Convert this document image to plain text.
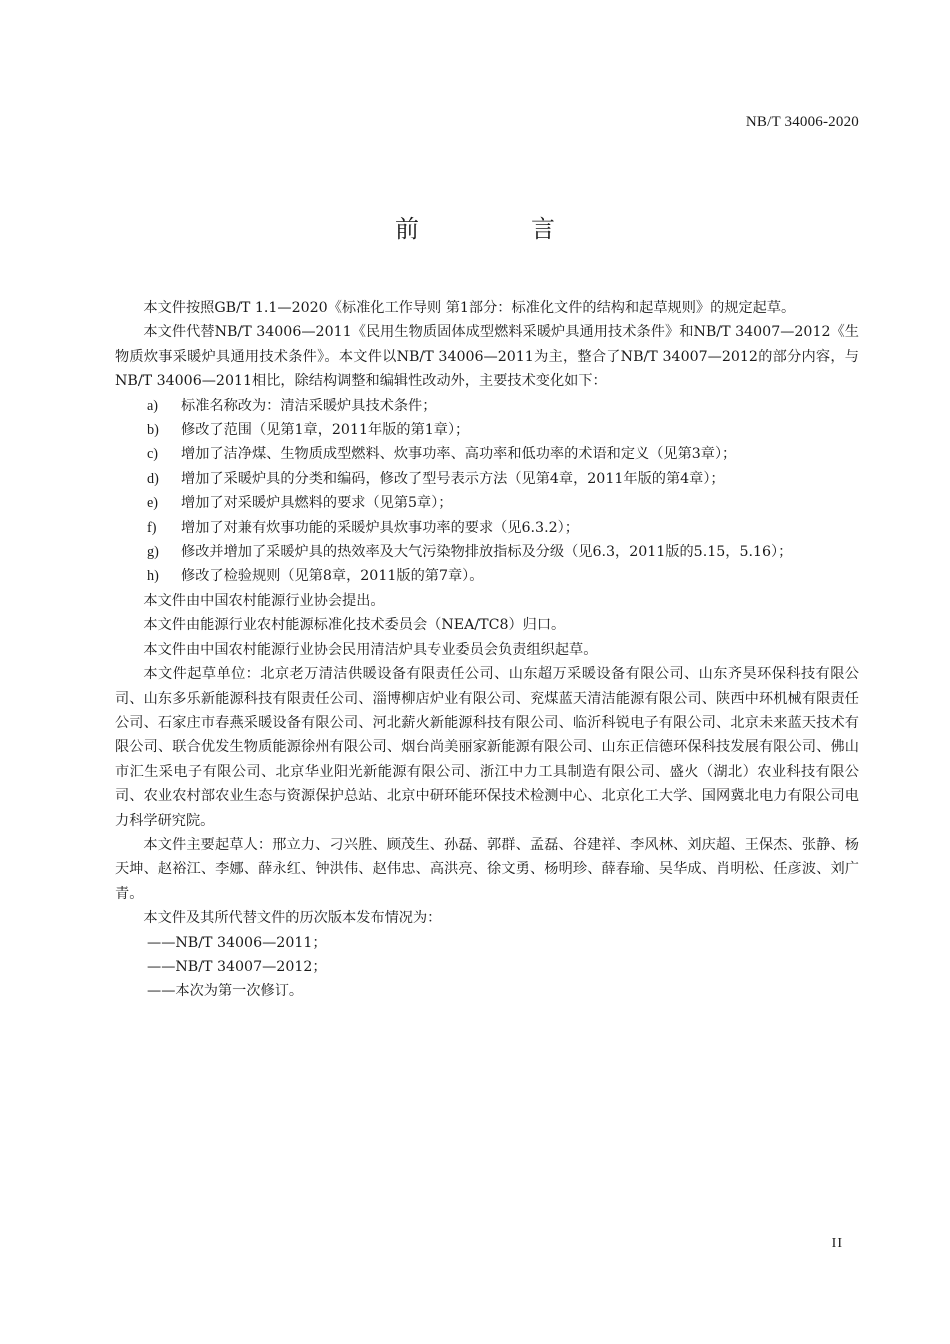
NB/T 34006-2020
前　言

本文件按照GB/T 1.1—2020《标准化工作导则 第1部分：标准化文件的结构和起草规则》的规定起草。

本文件代替NB/T 34006—2011《民用生物质固体成型燃料采暖炉具通用技术条件》和NB/T 34007—2012《生物质炊事采暖炉具通用技术条件》。本文件以NB/T 34006—2011为主，整合了NB/T 34007—2012的部分内容，与NB/T 34006—2011相比，除结构调整和编辑性改动外，主要技术变化如下：

a) 标准名称改为：清洁采暖炉具技术条件；

b) 修改了范围（见第1章，2011年版的第1章）；

c) 增加了洁净煤、生物质成型燃料、炊事功率、高功率和低功率的术语和定义（见第3章）；

d) 增加了采暖炉具的分类和编码，修改了型号表示方法（见第4章，2011年版的第4章）；

e) 增加了对采暖炉具燃料的要求（见第5章）；

f) 增加了对兼有炊事功能的采暖炉具炊事功率的要求（见6.3.2）；

g) 修改并增加了采暖炉具的热效率及大气污染物排放指标及分级（见6.3，2011版的5.15，5.16）；

h) 修改了检验规则（见第8章，2011版的第7章）。

本文件由中国农村能源行业协会提出。

本文件由能源行业农村能源标准化技术委员会（NEA/TC8）归口。

本文件由中国农村能源行业协会民用清洁炉具专业委员会负责组织起草。

本文件起草单位：北京老万清洁供暖设备有限责任公司、山东超万采暖设备有限公司、山东齐昊环保科技有限公司、山东多乐新能源科技有限责任公司、淄博柳店炉业有限公司、兖煤蓝天清洁能源有限公司、陕西中环机械有限责任公司、石家庄市春燕采暖设备有限公司、河北薪火新能源科技有限公司、临沂科锐电子有限公司、北京未来蓝天技术有限公司、联合优发生物质能源徐州有限公司、烟台尚美丽家新能源有限公司、山东正信德环保科技发展有限公司、佛山市汇生采电子有限公司、北京华业阳光新能源有限公司、浙江中力工具制造有限公司、盛火（湖北）农业科技有限公司、农业农村部农业生态与资源保护总站、北京中研环能环保技术检测中心、北京化工大学、国网冀北电力有限公司电力科学研究院。

本文件主要起草人：邢立力、刁兴胜、顾茂生、孙磊、郭群、孟磊、谷建祥、李风林、刘庆超、王保杰、张静、杨天坤、赵裕江、李娜、薛永红、钟洪伟、赵伟忠、高洪亮、徐文勇、杨明珍、薛春瑜、吴华成、肖明松、任彦波、刘广青。

本文件及其所代替文件的历次版本发布情况为：

——NB/T 34006—2011；

——NB/T 34007—2012；

——本次为第一次修订。

II
